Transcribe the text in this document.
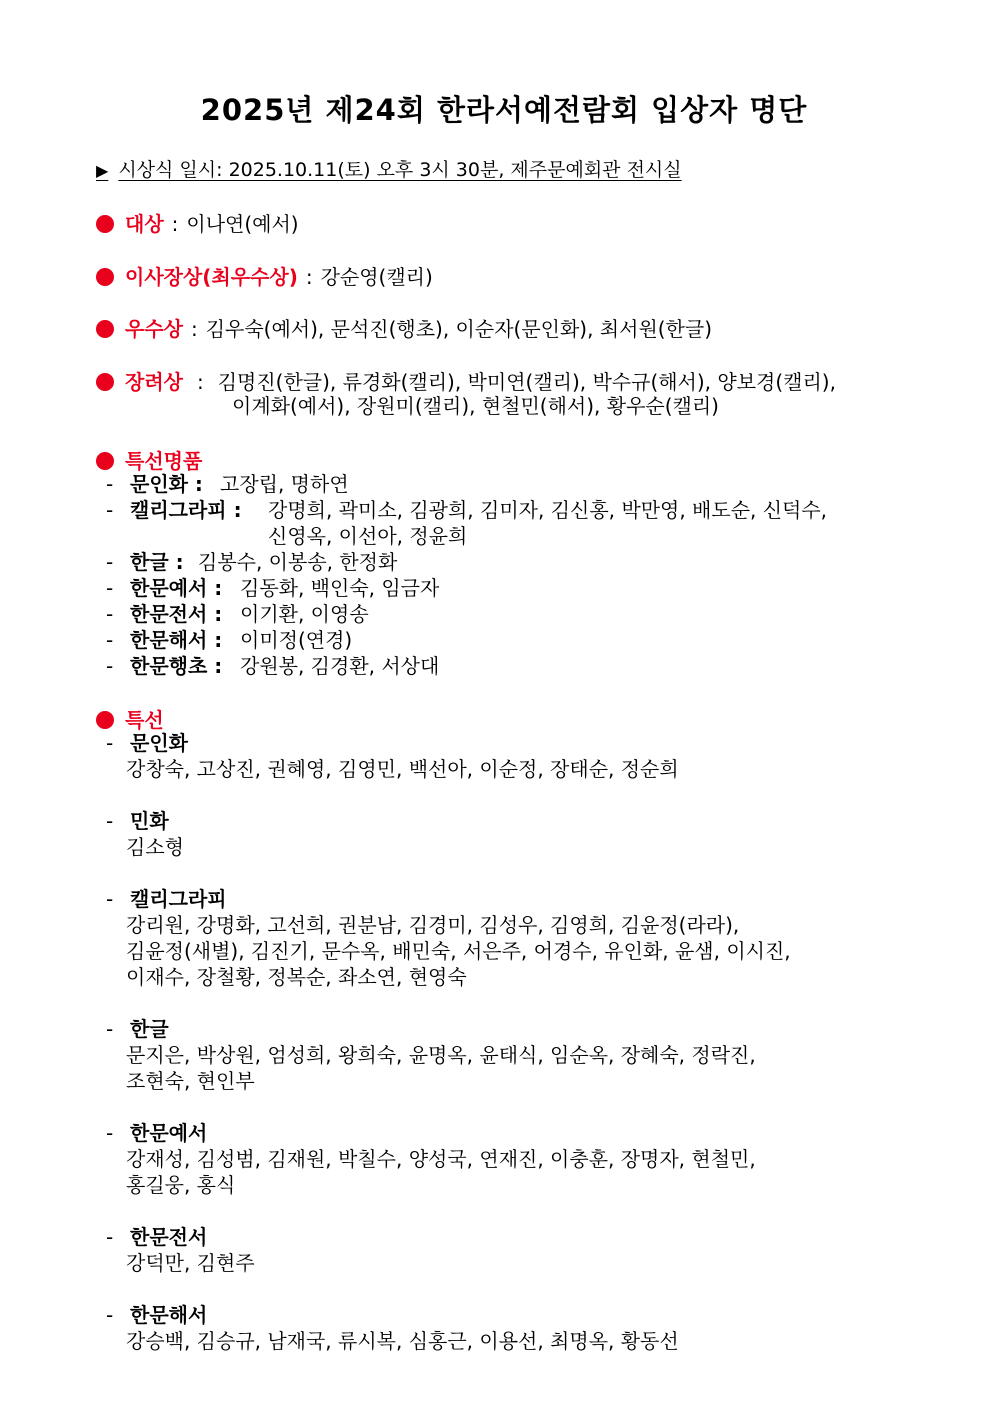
2025년 제24회 한라서예전람회 입상자 명단
▶ 시상식 일시: 2025.10.11(토) 오후 3시 30분, 제주문예회관 전시실
대상 : 이나연(예서)
이사장상(최우수상) : 강순영(캘리)
우수상 : 김우숙(예서), 문석진(행초), 이순자(문인화), 최서원(한글)
장려상 : 김명진(한글), 류경화(캘리), 박미연(캘리), 박수규(해서), 양보경(캘리),
이계화(예서), 장원미(캘리), 현철민(해서), 황우순(캘리)
특선명품
- 문인화 : 고장립, 명하연
- 캘리그라피 : 강명희, 곽미소, 김광희, 김미자, 김신홍, 박만영, 배도순, 신덕수,
신영옥, 이선아, 정윤희
- 한글 : 김봉수, 이봉송, 한정화
- 한문예서 : 김동화, 백인숙, 임금자
- 한문전서 : 이기환, 이영송
- 한문해서 : 이미정(연경)
- 한문행초 : 강원봉, 김경환, 서상대
특선
- 문인화
강창숙, 고상진, 권혜영, 김영민, 백선아, 이순정, 장태순, 정순희
- 민화
김소형
- 캘리그라피
강리원, 강명화, 고선희, 권분남, 김경미, 김성우, 김영희, 김윤정(라라),
김윤정(새별), 김진기, 문수옥, 배민숙, 서은주, 어경수, 유인화, 윤샘, 이시진,
이재수, 장철황, 정복순, 좌소연, 현영숙
- 한글
문지은, 박상원, 엄성희, 왕희숙, 윤명옥, 윤태식, 임순옥, 장혜숙, 정락진,
조현숙, 현인부
- 한문예서
강재성, 김성범, 김재원, 박칠수, 양성국, 연재진, 이충훈, 장명자, 현철민,
홍길웅, 홍식
- 한문전서
강덕만, 김현주
- 한문해서
강승백, 김승규, 남재국, 류시복, 심홍근, 이용선, 최명옥, 황동선
